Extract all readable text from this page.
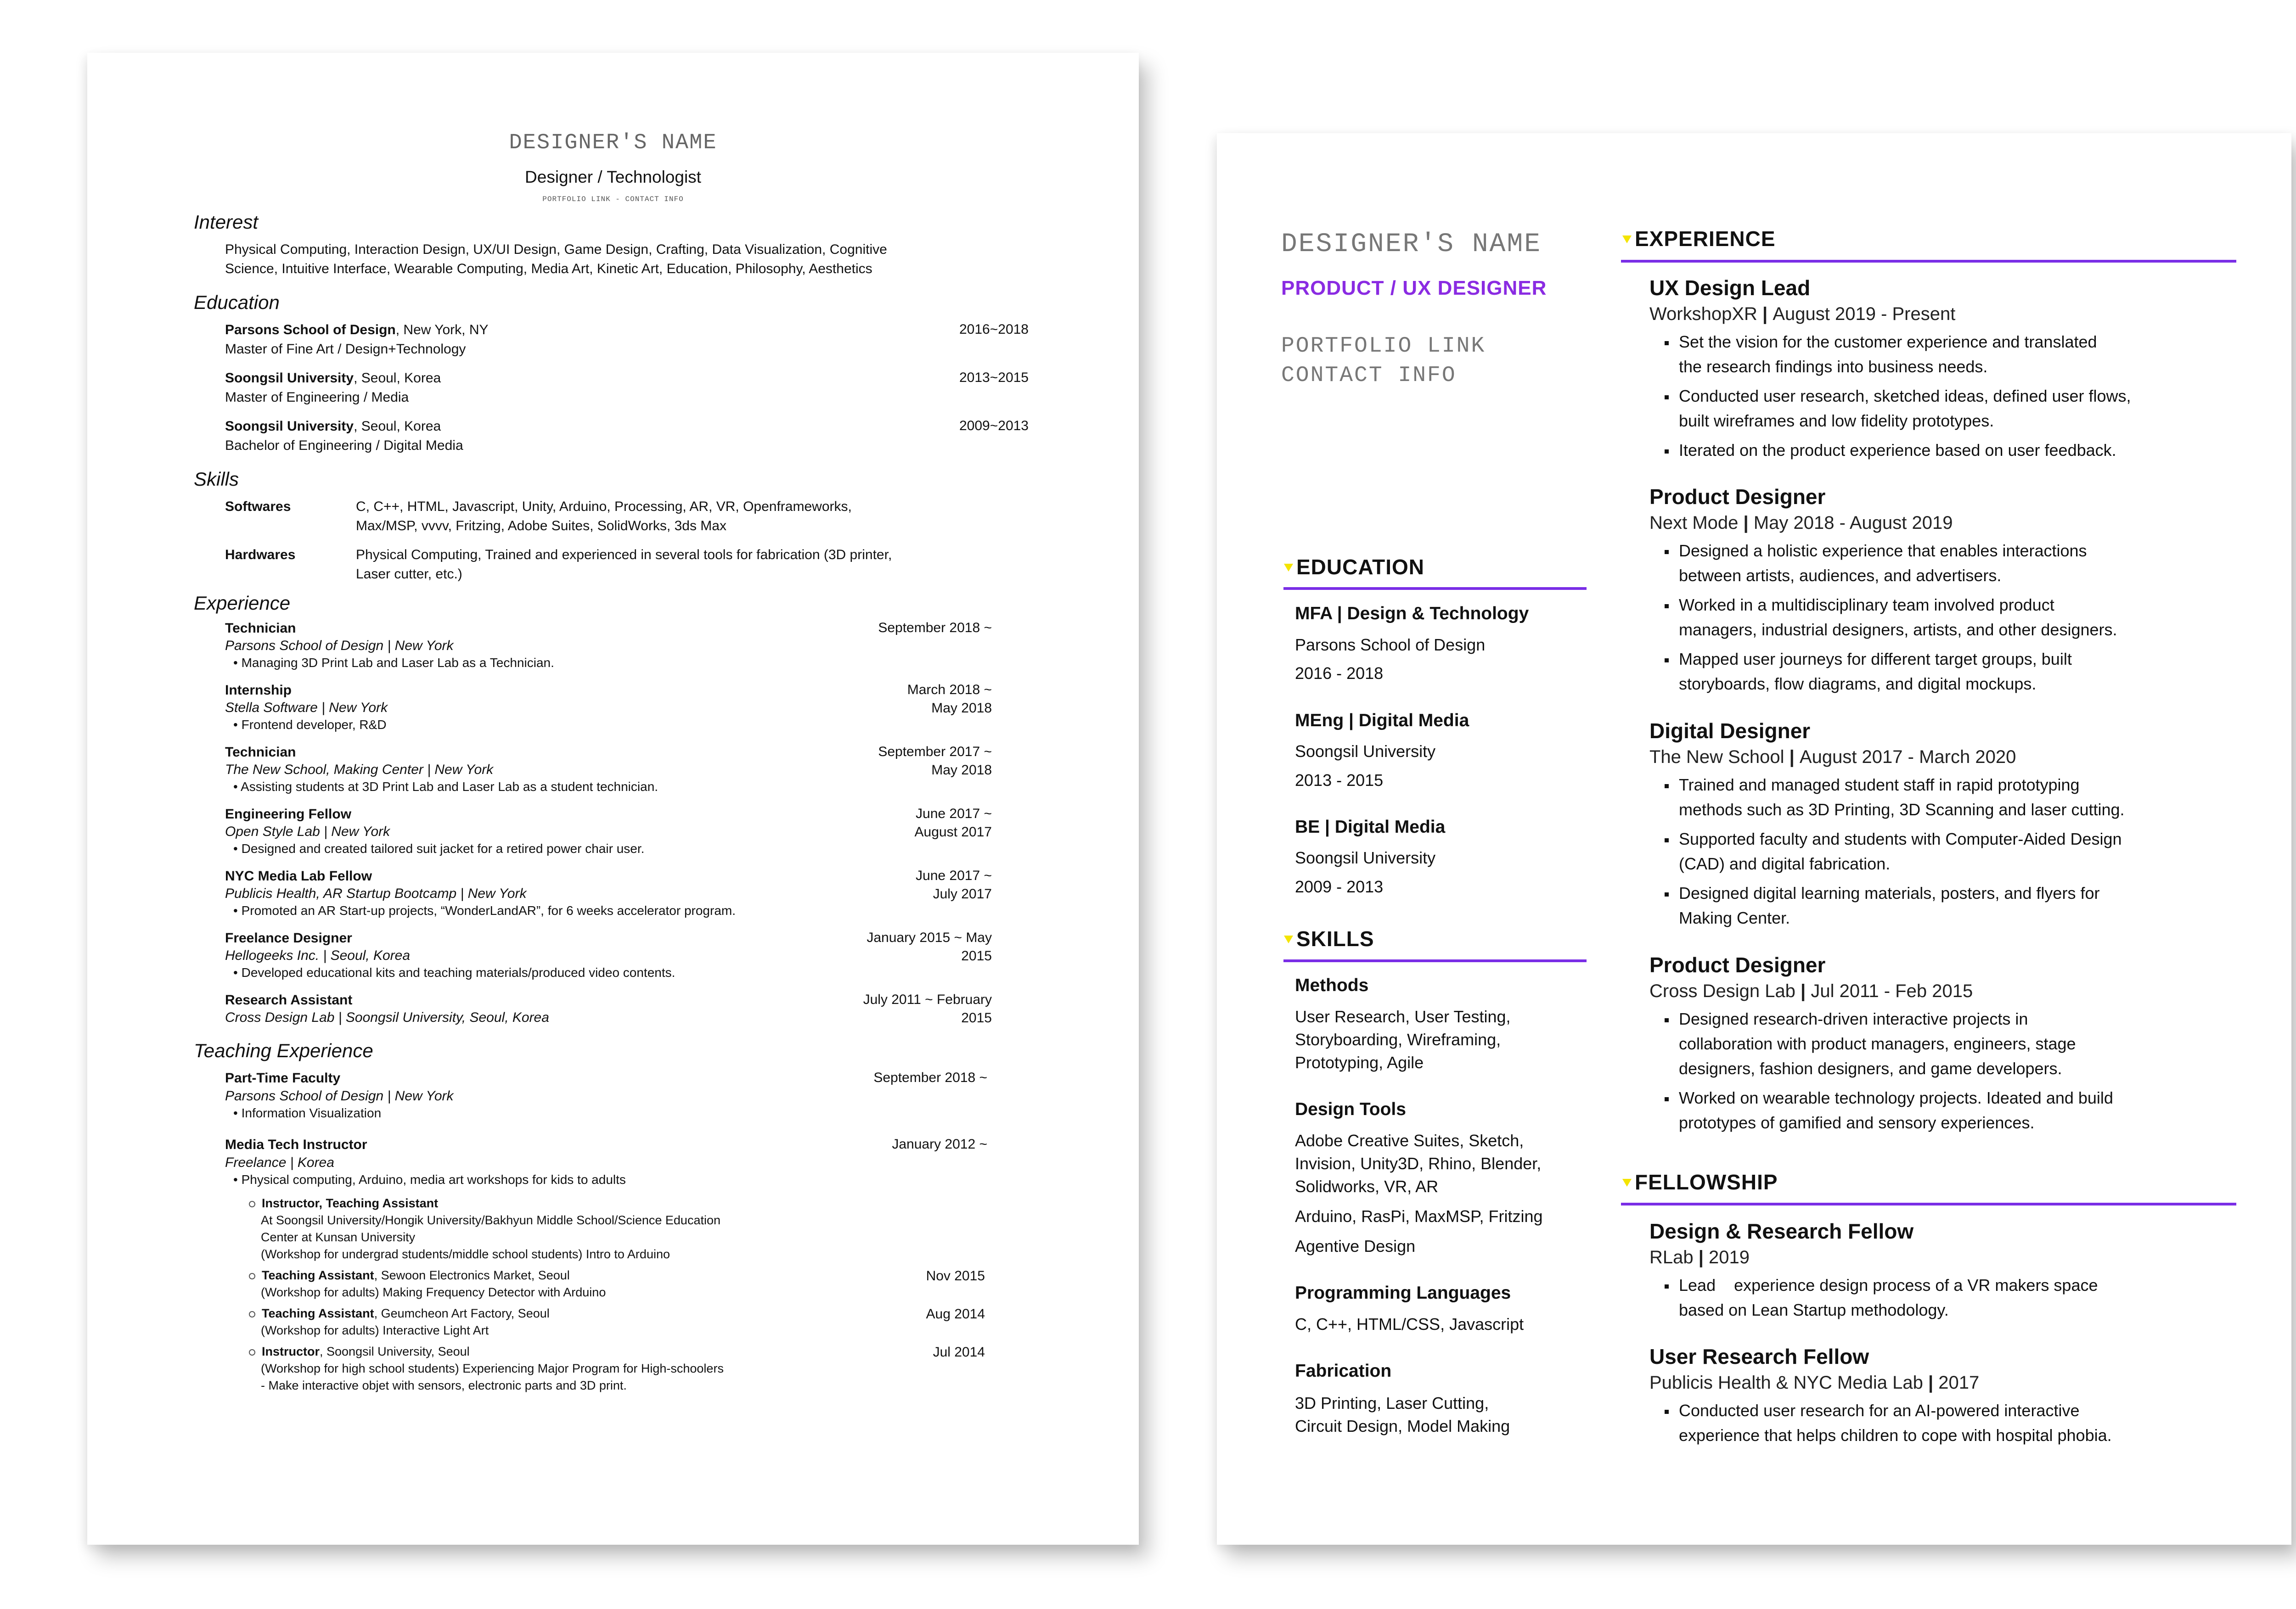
DESIGNER'S NAME
Designer / Technologist
PORTFOLIO LINK - CONTACT INFO
Interest
Physical Computing, Interaction Design, UX/UI Design, Game Design, Crafting, Data Visualization, Cognitive
Science, Intuitive Interface, Wearable Computing, Media Art, Kinetic Art, Education, Philosophy, Aesthetics
Education
Parsons School of Design, New York, NY
Master of Fine Art / Design+Technology
2016~2018
Soongsil University, Seoul, Korea
Master of Engineering / Media
2013~2015
Soongsil University, Seoul, Korea
Bachelor of Engineering / Digital Media
2009~2013
Skills
Softwares	C, C++, HTML, Javascript, Unity, Arduino, Processing, AR, VR, Openframeworks,
Max/MSP, vvvv, Fritzing, Adobe Suites, SolidWorks, 3ds Max
Hardwares	Physical Computing, Trained and experienced in several tools for fabrication (3D printer,
Laser cutter, etc.)
Experience
Technician
Parsons School of Design | New York
• Managing 3D Print Lab and Laser Lab as a Technician.
September 2018 ~
Internship
Stella Software | New York
• Frontend developer, R&D
March 2018 ~
May 2018
Technician
The New School, Making Center | New York
• Assisting students at 3D Print Lab and Laser Lab as a student technician.
September 2017 ~
May 2018
Engineering Fellow
Open Style Lab | New York
• Designed and created tailored suit jacket for a retired power chair user.
June 2017 ~
August 2017
NYC Media Lab Fellow
Publicis Health, AR Startup Bootcamp | New York
• Promoted an AR Start-up projects, “WonderLandAR”, for 6 weeks accelerator program.
June 2017 ~
July 2017
Freelance Designer
Hellogeeks Inc. | Seoul, Korea
• Developed educational kits and teaching materials/produced video contents.
January 2015 ~ May
2015
Research Assistant
Cross Design Lab | Soongsil University, Seoul, Korea
July 2011 ~ February
2015
Teaching Experience
Part-Time Faculty
Parsons School of Design | New York
• Information Visualization
September 2018 ~
Media Tech Instructor
Freelance | Korea
• Physical computing, Arduino, media art workshops for kids to adults
January 2012 ~
Instructor, Teaching Assistant
At Soongsil University/Hongik University/Bakhyun Middle School/Science Education
Center at Kunsan University
(Workshop for undergrad students/middle school students) Intro to Arduino
Teaching Assistant, Sewoon Electronics Market, Seoul
(Workshop for adults) Making Frequency Detector with Arduino
Nov 2015
Teaching Assistant, Geumcheon Art Factory, Seoul
(Workshop for adults) Interactive Light Art
Aug 2014
Instructor, Soongsil University, Seoul
(Workshop for high school students) Experiencing Major Program for High-schoolers
- Make interactive objet with sensors, electronic parts and 3D print.
Jul 2014
DESIGNER'S NAME
PRODUCT / UX DESIGNER
PORTFOLIO LINK
CONTACT INFO
EDUCATION
MFA | Design & Technology
Parsons School of Design
2016 - 2018
MEng | Digital Media
Soongsil University
2013 - 2015
BE | Digital Media
Soongsil University
2009 - 2013
SKILLS
Methods
User Research, User Testing,
Storyboarding, Wireframing,
Prototyping, Agile
Design Tools
Adobe Creative Suites, Sketch,
Invision, Unity3D, Rhino, Blender,
Solidworks, VR, AR
Arduino, RasPi, MaxMSP, Fritzing
Agentive Design
Programming Languages
C, C++, HTML/CSS, Javascript
Fabrication
3D Printing, Laser Cutting,
Circuit Design, Model Making
EXPERIENCE
UX Design Lead
WorkshopXR | August 2019 - Present
Set the vision for the customer experience and translated
the research findings into business needs.
Conducted user research, sketched ideas, defined user flows,
built wireframes and low fidelity prototypes.
Iterated on the product experience based on user feedback.
Product Designer
Next Mode | May 2018 - August 2019
Designed a holistic experience that enables interactions
between artists, audiences, and advertisers.
Worked in a multidisciplinary team involved product
managers, industrial designers, artists, and other designers.
Mapped user journeys for different target groups, built
storyboards, flow diagrams, and digital mockups.
Digital Designer
The New School | August 2017 - March 2020
Trained and managed student staff in rapid prototyping
methods such as 3D Printing, 3D Scanning and laser cutting.
Supported faculty and students with Computer-Aided Design
(CAD) and digital fabrication.
Designed digital learning materials, posters, and flyers for
Making Center.
Product Designer
Cross Design Lab | Jul 2011 - Feb 2015
Designed research-driven interactive projects in
collaboration with product managers, engineers, stage
designers, fashion designers, and game developers.
Worked on wearable technology projects. Ideated and build
prototypes of gamified and sensory experiences.
FELLOWSHIP
Design & Research Fellow
RLab | 2019
Lead    experience design process of a VR makers space
based on Lean Startup methodology.
User Research Fellow
Publicis Health & NYC Media Lab | 2017
Conducted user research for an AI-powered interactive
experience that helps children to cope with hospital phobia.
